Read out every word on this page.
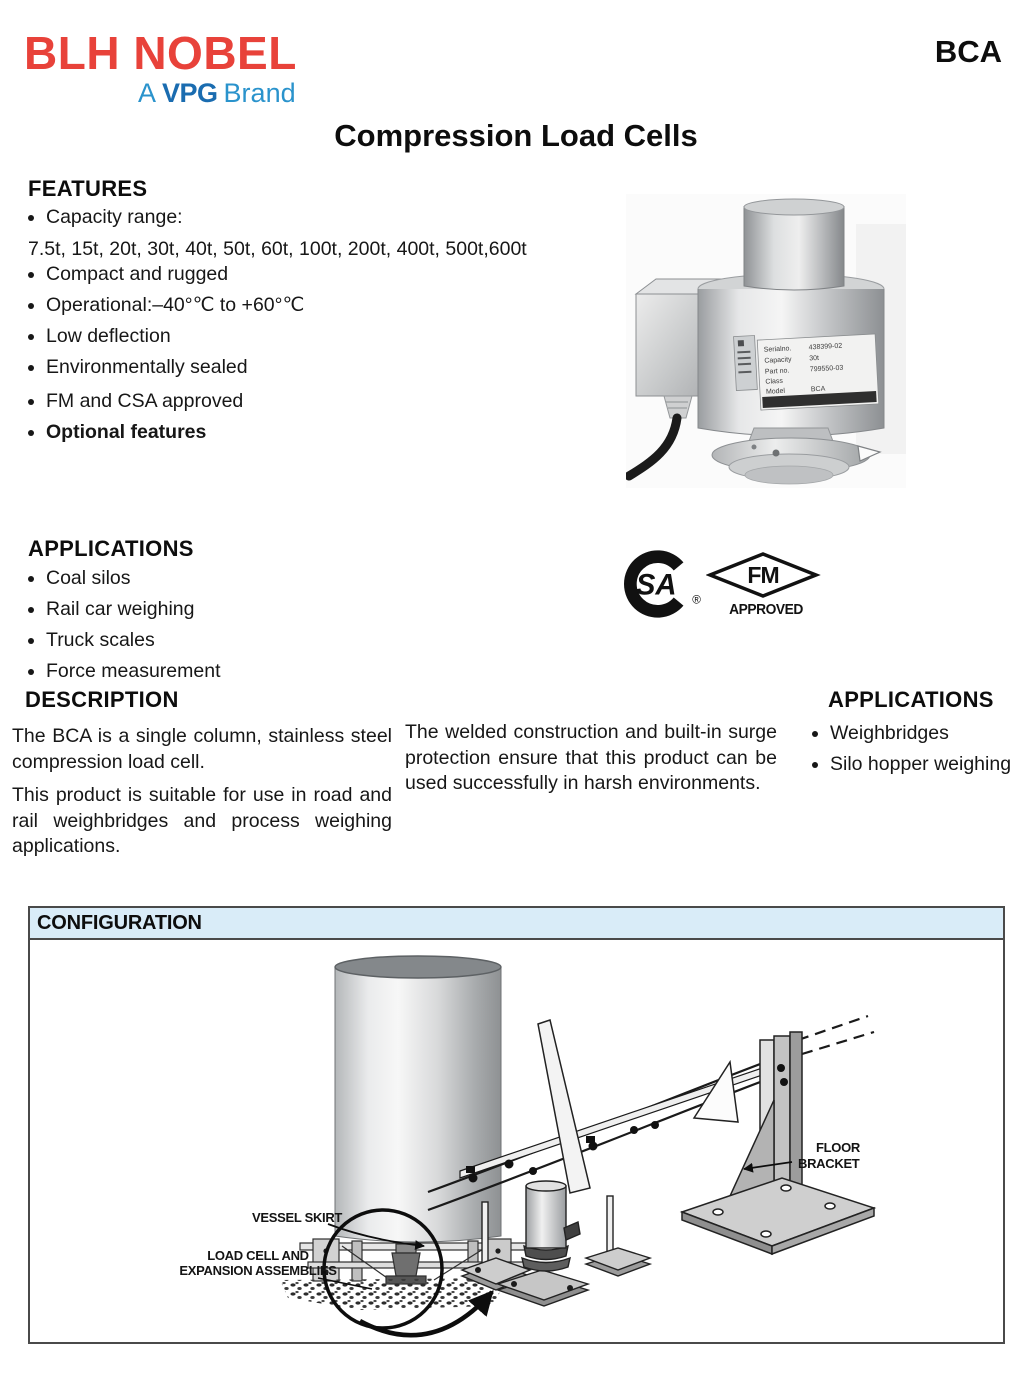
BLH NOBEL
A VPG Brand
BCA
Compression Load Cells
FEATURES
• Capacity range:
7.5t, 15t, 20t, 30t, 40t, 50t, 60t, 100t, 200t, 400t, 500t,600t
• Compact and rugged
• Operational:–40°℃ to +60°℃
• Low deflection
• Environmentally sealed
• FM and CSA approved
• Optional features
Serialno. 438399-02
Capacity 30t
Part no.	799550-03
Class
Model	BCA
APPLICATIONS
• Coal silos
• Rail car weighing
• Truck scales
• Force measurement
SA ®
FM
APPROVED
DESCRIPTION

The BCA is a single column, stainless steel compression load cell.

This product is suitable for use in road and rail weighbridges and process weighing applications.

The welded construction and built-in surge protection ensure that this product can be used successfully in harsh environments.

APPLICATIONS
• Weighbridges
• Silo hopper weighing
CONFIGURATION
VESSEL SKIRT
LOAD CELL AND
EXPANSION ASSEMBLIES
FLOOR
BRACKET
